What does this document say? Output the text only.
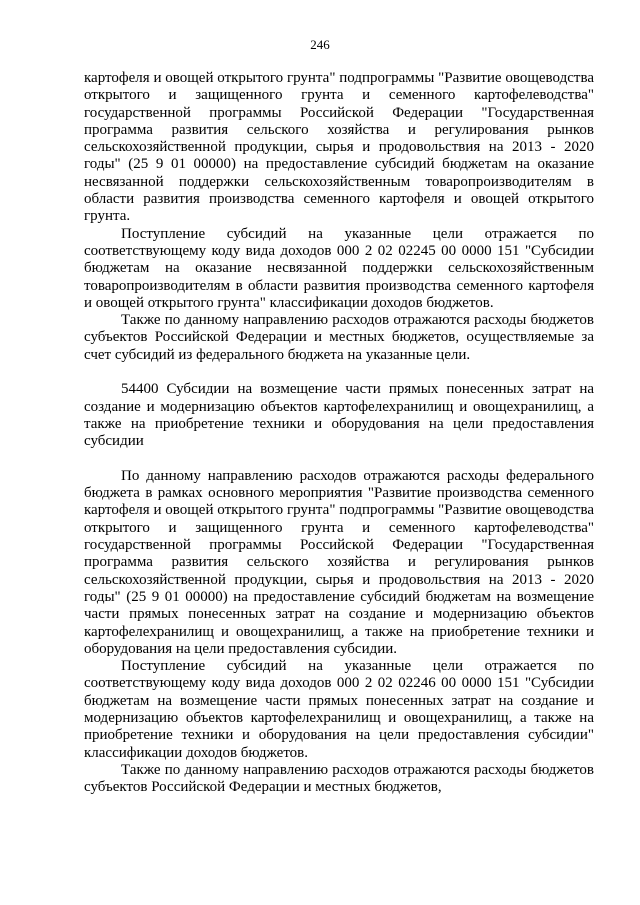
246

картофеля и овощей открытого грунта" подпрограммы "Развитие овощеводства открытого и защищенного грунта и семенного картофелеводства" государственной программы Российской Федерации "Государственная программа развития сельского хозяйства и регулирования рынков сельскохозяйственной продукции, сырья и продовольствия на 2013 - 2020 годы" (25 9 01 00000) на предоставление субсидий бюджетам на оказание несвязанной поддержки сельскохозяйственным товаропроизводителям в области развития производства семенного картофеля и овощей открытого грунта.

Поступление субсидий на указанные цели отражается по соответствующему коду вида доходов 000 2 02 02245 00 0000 151 "Субсидии бюджетам на оказание несвязанной поддержки сельскохозяйственным товаропроизводителям в области развития производства семенного картофеля и овощей открытого грунта" классификации доходов бюджетов.

Также по данному направлению расходов отражаются расходы бюджетов субъектов Российской Федерации и местных бюджетов, осуществляемые за счет субсидий из федерального бюджета на указанные цели.

54400 Субсидии на возмещение части прямых понесенных затрат на создание и модернизацию объектов картофелехранилищ и овощехранилищ, а также на приобретение техники и оборудования на цели предоставления субсидии

По данному направлению расходов отражаются расходы федерального бюджета в рамках основного мероприятия "Развитие производства семенного картофеля и овощей открытого грунта" подпрограммы "Развитие овощеводства открытого и защищенного грунта и семенного картофелеводства" государственной программы Российской Федерации "Государственная программа развития сельского хозяйства и регулирования рынков сельскохозяйственной продукции, сырья и продовольствия на 2013 - 2020 годы" (25 9 01 00000) на предоставление субсидий бюджетам на возмещение части прямых понесенных затрат на создание и модернизацию объектов картофелехранилищ и овощехранилищ, а также на приобретение техники и оборудования на цели предоставления субсидии.

Поступление субсидий на указанные цели отражается по соответствующему коду вида доходов 000 2 02 02246 00 0000 151 "Субсидии бюджетам на возмещение части прямых понесенных затрат на создание и модернизацию объектов картофелехранилищ и овощехранилищ, а также на приобретение техники и оборудования на цели предоставления субсидии" классификации доходов бюджетов.

Также по данному направлению расходов отражаются расходы бюджетов субъектов Российской Федерации и местных бюджетов,
